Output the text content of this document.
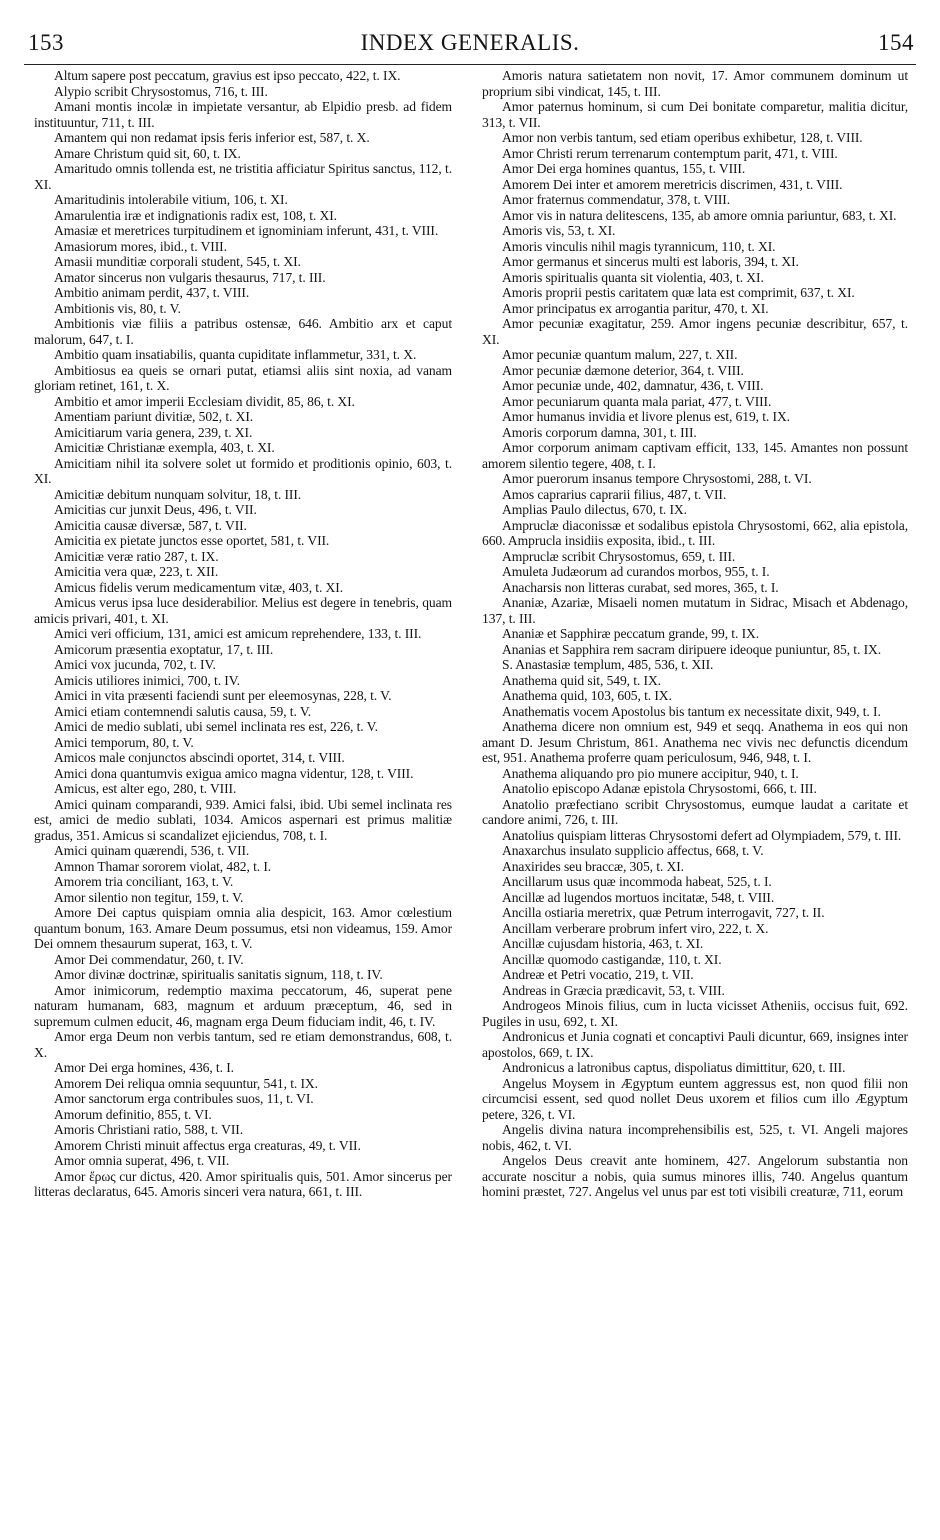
153	INDEX GENERALIS.	154

Altum sapere post peccatum, gravius est ipso peccato, 422, t. IX.

Alypio scribit Chrysostomus, 716, t. III.

Amani montis incolæ in impietate versantur, ab Elpidio presb. ad fidem instituuntur, 711, t. III.

Amantem qui non redamat ipsis feris inferior est, 587, t. X.

Amare Christum quid sit, 60, t. IX.

Amaritudo omnis tollenda est, ne tristitia afficiatur Spiritus sanctus, 112, t. XI.

Amaritudinis intolerabile vitium, 106, t. XI.

Amarulentia iræ et indignationis radix est, 108, t. XI.

Amasiæ et meretrices turpitudinem et ignominiam inferunt, 431, t. VIII.

Amasiorum mores, ibid., t. VIII.

Amasii munditiæ corporali student, 545, t. XI.

Amator sincerus non vulgaris thesaurus, 717, t. III.

Ambitio animam perdit, 437, t. VIII.

Ambitionis vis, 80, t. V.

Ambitionis viæ filiis a patribus ostensæ, 646. Ambitio arx et caput malorum, 647, t. I.

Ambitio quam insatiabilis, quanta cupiditate inflammetur, 331, t. X.

Ambitiosus ea queis se ornari putat, etiamsi aliis sint noxia, ad vanam gloriam retinet, 161, t. X.

Ambitio et amor imperii Ecclesiam dividit, 85, 86, t. XI.

Amentiam pariunt divitiæ, 502, t. XI.

Amicitiarum varia genera, 239, t. XI.

Amicitiæ Christianæ exempla, 403, t. XI.

Amicitiam nihil ita solvere solet ut formido et proditionis opinio, 603, t. XI.

Amicitiæ debitum nunquam solvitur, 18, t. III.

Amicitias cur junxit Deus, 496, t. VII.

Amicitia causæ diversæ, 587, t. VII.

Amicitia ex pietate junctos esse oportet, 581, t. VII.

Amicitiæ veræ ratio 287, t. IX.

Amicitia vera quæ, 223, t. XII.

Amicus fidelis verum medicamentum vitæ, 403, t. XI.

Amicus verus ipsa luce desiderabilior. Melius est degere in tenebris, quam amicis privari, 401, t. XI.

Amici veri officium, 131, amici est amicum reprehendere, 133, t. III.

Amicorum præsentia exoptatur, 17, t. III.

Amici vox jucunda, 702, t. IV.

Amicis utiliores inimici, 700, t. IV.

Amici in vita præsenti faciendi sunt per eleemosynas, 228, t. V.

Amici etiam contemnendi salutis causa, 59, t. V.

Amici de medio sublati, ubi semel inclinata res est, 226, t. V.

Amici temporum, 80, t. V.

Amicos male conjunctos abscindi oportet, 314, t. VIII.

Amici dona quantumvis exigua amico magna videntur, 128, t. VIII.

Amicus, est alter ego, 280, t. VIII.

Amici quinam comparandi, 939. Amici falsi, ibid. Ubi semel inclinata res est, amici de medio sublati, 1034. Amicos aspernari est primus malitiæ gradus, 351. Amicus si scandalizet ejiciendus, 708, t. I.

Amici quinam quærendi, 536, t. VII.

Amnon Thamar sororem violat, 482, t. I.

Amorem tria conciliant, 163, t. V.

Amor silentio non tegitur, 159, t. V.

Amore Dei captus quispiam omnia alia despicit, 163. Amor cœlestium quantum bonum, 163. Amare Deum possumus, etsi non videamus, 159. Amor Dei omnem thesaurum superat, 163, t. V.

Amor Dei commendatur, 260, t. IV.

Amor divinæ doctrinæ, spiritualis sanitatis signum, 118, t. IV.

Amor inimicorum, redemptio maxima peccatorum, 46, superat pene naturam humanam, 683, magnum et arduum præceptum, 46, sed in supremum culmen educit, 46, magnam erga Deum fiduciam indit, 46, t. IV.

Amor erga Deum non verbis tantum, sed re etiam demonstrandus, 608, t. X.

Amor Dei erga homines, 436, t. I.

Amorem Dei reliqua omnia sequuntur, 541, t. IX.

Amor sanctorum erga contribules suos, 11, t. VI.

Amorum definitio, 855, t. VI.

Amoris Christiani ratio, 588, t. VII.

Amorem Christi minuit affectus erga creaturas, 49, t. VII.

Amor omnia superat, 496, t. VII.

Amor ἔρως cur dictus, 420. Amor spiritualis quis, 501. Amor sincerus per litteras declaratus, 645. Amoris sinceri vera natura, 661, t. III.

Amoris natura satietatem non novit, 17. Amor communem dominum ut proprium sibi vindicat, 145, t. III.

Amor paternus hominum, si cum Dei bonitate comparetur, malitia dicitur, 313, t. VII.

Amor non verbis tantum, sed etiam operibus exhibetur, 128, t. VIII.

Amor Christi rerum terrenarum contemptum parit, 471, t. VIII.

Amor Dei erga homines quantus, 155, t. VIII.

Amorem Dei inter et amorem meretricis discrimen, 431, t. VIII.

Amor fraternus commendatur, 378, t. VIII.

Amor vis in natura delitescens, 135, ab amore omnia pariuntur, 683, t. XI.

Amoris vis, 53, t. XI.

Amoris vinculis nihil magis tyrannicum, 110, t. XI.

Amor germanus et sincerus multi est laboris, 394, t. XI.

Amoris spiritualis quanta sit violentia, 403, t. XI.

Amoris proprii pestis caritatem quæ lata est comprimit, 637, t. XI.

Amor principatus ex arrogantia paritur, 470, t. XI.

Amor pecuniæ exagitatur, 259. Amor ingens pecuniæ describitur, 657, t. XI.

Amor pecuniæ quantum malum, 227, t. XII.

Amor pecuniæ dæmone deterior, 364, t. VIII.

Amor pecuniæ unde, 402, damnatur, 436, t. VIII.

Amor pecuniarum quanta mala pariat, 477, t. VIII.

Amor humanus invidia et livore plenus est, 619, t. IX.

Amoris corporum damna, 301, t. III.

Amor corporum animam captivam efficit, 133, 145. Amantes non possunt amorem silentio tegere, 408, t. I.

Amor puerorum insanus tempore Chrysostomi, 288, t. VI.

Amos caprarius caprarii filius, 487, t. VII.

Amplias Paulo dilectus, 670, t. IX.

Ampruclæ diaconissæ et sodalibus epistola Chrysostomi, 662, alia epistola, 660. Amprucla insidiis exposita, ibid., t. III.

Ampruclæ scribit Chrysostomus, 659, t. III.

Amuleta Judæorum ad curandos morbos, 955, t. I.

Anacharsis non litteras curabat, sed mores, 365, t. I.

Ananiæ, Azariæ, Misaeli nomen mutatum in Sidrac, Misach et Abdenago, 137, t. III.

Ananiæ et Sapphiræ peccatum grande, 99, t. IX.

Ananias et Sapphira rem sacram diripuere ideoque puniuntur, 85, t. IX.

S. Anastasiæ templum, 485, 536, t. XII.

Anathema quid sit, 549, t. IX.

Anathema quid, 103, 605, t. IX.

Anathematis vocem Apostolus bis tantum ex necessitate dixit, 949, t. I.

Anathema dicere non omnium est, 949 et seqq. Anathema in eos qui non amant D. Jesum Christum, 861. Anathema nec vivis nec defunctis dicendum est, 951. Anathema proferre quam periculosum, 946, 948, t. I.

Anathema aliquando pro pio munere accipitur, 940, t. I.

Anatolio episcopo Adanæ epistola Chrysostomi, 666, t. III.

Anatolio præfectiano scribit Chrysostomus, eumque laudat a caritate et candore animi, 726, t. III.

Anatolius quispiam litteras Chrysostomi defert ad Olympiadem, 579, t. III.

Anaxarchus insulato supplicio affectus, 668, t. V.

Anaxirides seu braccæ, 305, t. XI.

Ancillarum usus quæ incommoda habeat, 525, t. I.

Ancillæ ad lugendos mortuos incitatæ, 548, t. VIII.

Ancilla ostiaria meretrix, quæ Petrum interrogavit, 727, t. II.

Ancillam verberare probrum infert viro, 222, t. X.

Ancillæ cujusdam historia, 463, t. XI.

Ancillæ quomodo castigandæ, 110, t. XI.

Andreæ et Petri vocatio, 219, t. VII.

Andreas in Græcia prædicavit, 53, t. VIII.

Androgeos Minois filius, cum in lucta vicisset Atheniis, occisus fuit, 692. Pugiles in usu, 692, t. XI.

Andronicus et Junia cognati et concaptivi Pauli dicuntur, 669, insignes inter apostolos, 669, t. IX.

Andronicus a latronibus captus, dispoliatus dimittitur, 620, t. III.

Angelus Moysem in Ægyptum euntem aggressus est, non quod filii non circumcisi essent, sed quod nollet Deus uxorem et filios cum illo Ægyptum petere, 326, t. VI.

Angelis divina natura incomprehensibilis est, 525, t. VI. Angeli majores nobis, 462, t. VI.

Angelos Deus creavit ante hominem, 427. Angelorum substantia non accurate noscitur a nobis, quia sumus minores illis, 740. Angelus quantum homini præstet, 727. Angelus vel unus par est toti visibili creaturæ, 711, eorum
